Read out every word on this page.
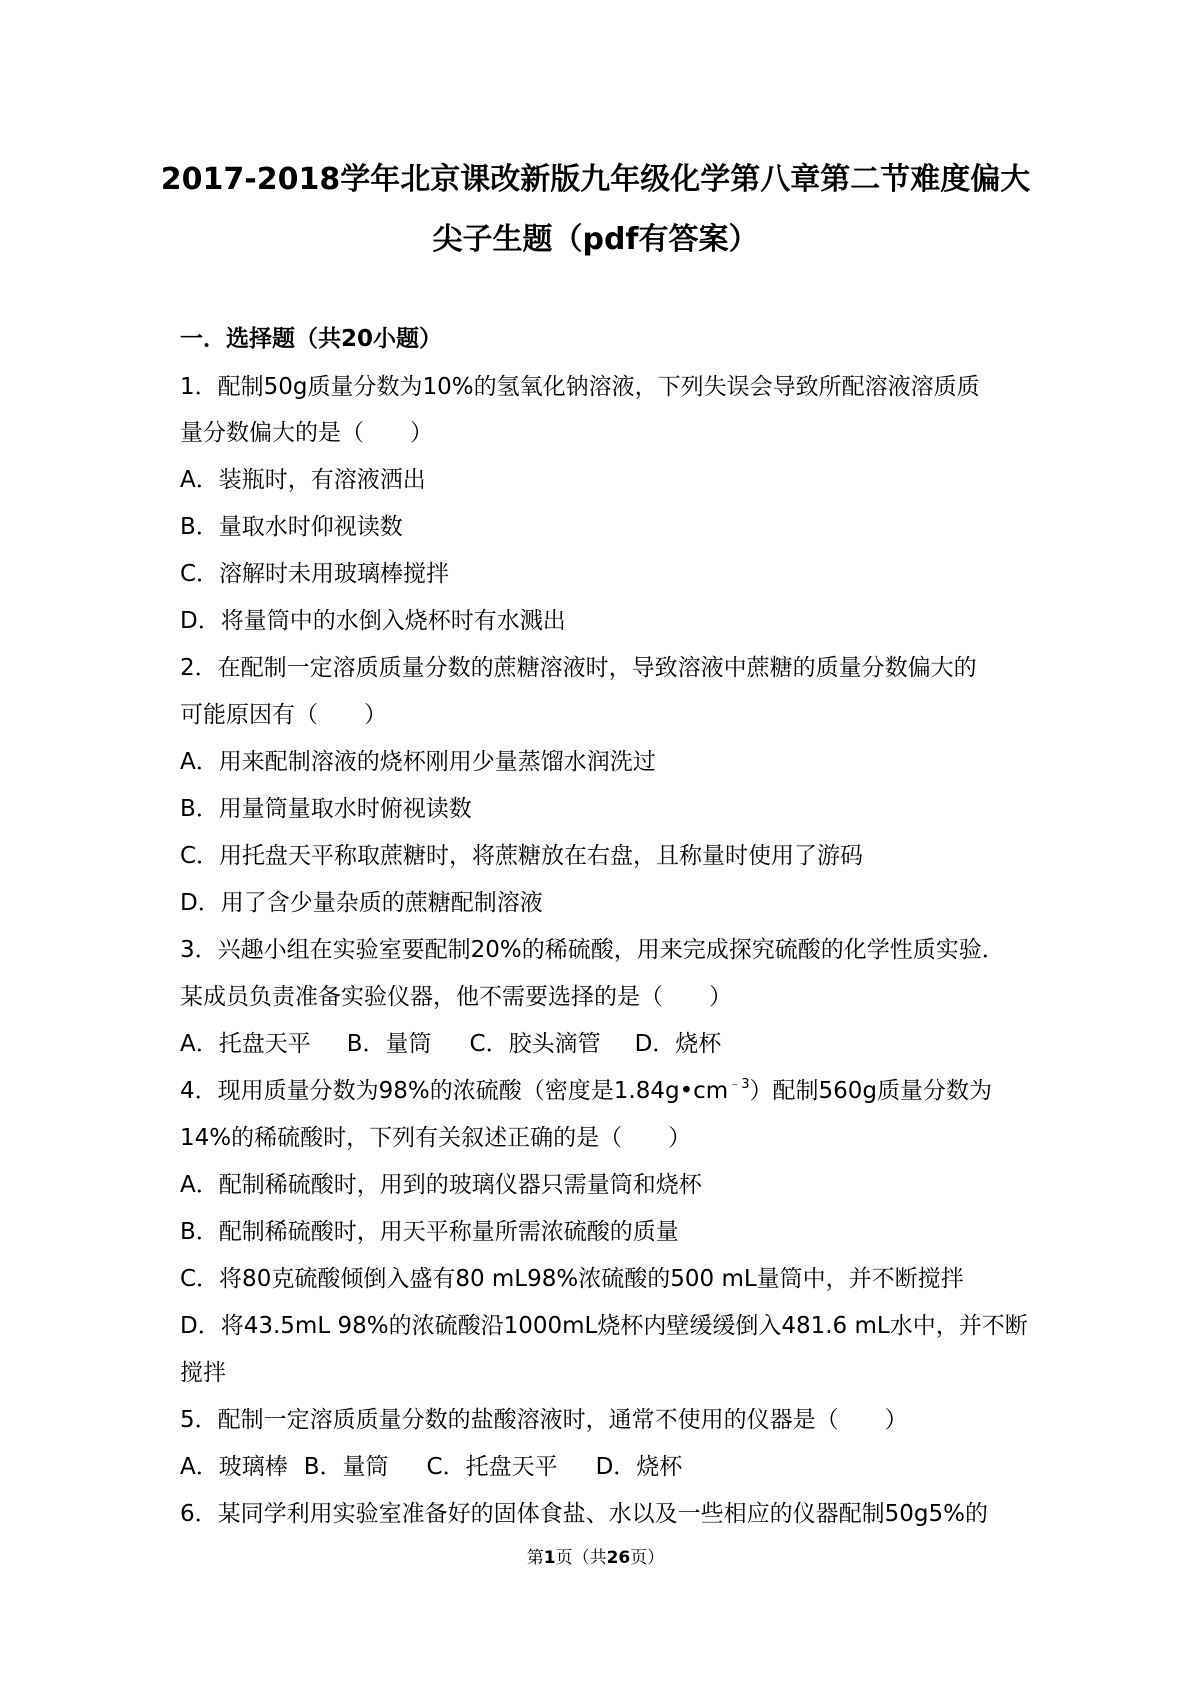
2017-2018学年北京课改新版九年级化学第八章第二节难度偏大
尖子生题（pdf有答案）
一．选择题（共20小题）
1．配制50g质量分数为10%的氢氧化钠溶液，下列失误会导致所配溶液溶质质
量分数偏大的是（　　）
A．装瓶时，有溶液洒出
B．量取水时仰视读数
C．溶解时未用玻璃棒搅拌
D．将量筒中的水倒入烧杯时有水溅出
2．在配制一定溶质质量分数的蔗糖溶液时，导致溶液中蔗糖的质量分数偏大的
可能原因有（　　）
A．用来配制溶液的烧杯刚用少量蒸馏水润洗过
B．用量筒量取水时俯视读数
C．用托盘天平称取蔗糖时，将蔗糖放在右盘，且称量时使用了游码
D．用了含少量杂质的蔗糖配制溶液
3．兴趣小组在实验室要配制20%的稀硫酸，用来完成探究硫酸的化学性质实验．
某成员负责准备实验仪器，他不需要选择的是（　　）
A．托盘天平 B．量筒 C．胶头滴管 D．烧杯
4．现用质量分数为98%的浓硫酸（密度是$1.84g•cm^{﹣3}$）配制560g质量分数为
14%的稀硫酸时，下列有关叙述正确的是（　　）
A．配制稀硫酸时，用到的玻璃仪器只需量筒和烧杯
B．配制稀硫酸时，用天平称量所需浓硫酸的质量
C．将80克硫酸倾倒入盛有80 mL98%浓硫酸的500 mL量筒中，并不断搅拌
D．将43.5mL 98%的浓硫酸沿1000mL烧杯内壁缓缓倒入481.6 mL水中，并不断
搅拌
5．配制一定溶质质量分数的盐酸溶液时，通常不使用的仪器是（　　）
A．玻璃棒 B．量筒 C．托盘天平 D．烧杯
6．某同学利用实验室准备好的固体食盐、水以及一些相应的仪器配制50g5%的
第1页（共26页）
